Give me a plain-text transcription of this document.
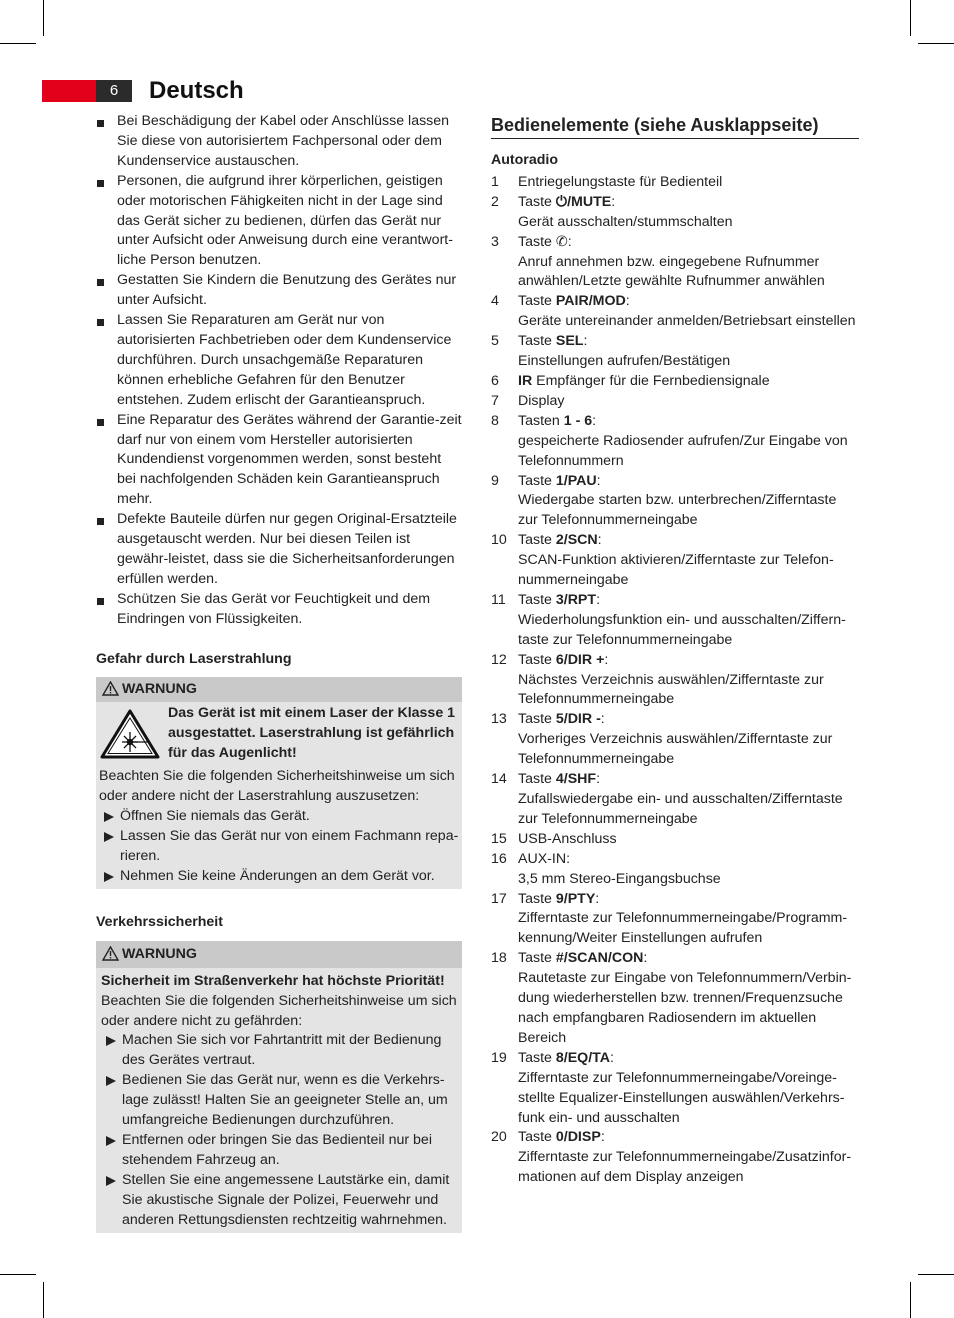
6	Deutsch
Bei Beschädigung der Kabel oder Anschlüsse lassen Sie diese von autorisiertem Fachpersonal oder dem Kundenservice austauschen.
Personen, die aufgrund ihrer körperlichen, geistigen oder motorischen Fähigkeiten nicht in der Lage sind das Gerät sicher zu bedienen, dürfen das Gerät nur unter Aufsicht oder Anweisung durch eine verantwort-liche Person benutzen.
Gestatten Sie Kindern die Benutzung des Gerätes nur unter Aufsicht.
Lassen Sie Reparaturen am Gerät nur von autorisierten Fachbetrieben oder dem Kundenservice durchführen. Durch unsachgemäße Reparaturen können erhebliche Gefahren für den Benutzer entstehen. Zudem erlischt der Garantieanspruch.
Eine Reparatur des Gerätes während der Garantie-zeit darf nur von einem vom Hersteller autorisierten Kundendienst vorgenommen werden, sonst besteht bei nachfolgenden Schäden kein Garantieanspruch mehr.
Defekte Bauteile dürfen nur gegen Original-Ersatzteile ausgetauscht werden. Nur bei diesen Teilen ist gewähr-leistet, dass sie die Sicherheitsanforderungen erfüllen werden.
Schützen Sie das Gerät vor Feuchtigkeit und dem Eindringen von Flüssigkeiten.
Gefahr durch Laserstrahlung
WARNUNG
Das Gerät ist mit einem Laser der Klasse 1 ausgestattet. Laserstrahlung ist gefährlich für das Augenlicht!
Beachten Sie die folgenden Sicherheitshinweise um sich oder andere nicht der Laserstrahlung auszusetzen:
Öffnen Sie niemals das Gerät.
Lassen Sie das Gerät nur von einem Fachmann repa-rieren.
Nehmen Sie keine Änderungen an dem Gerät vor.
Verkehrssicherheit
WARNUNG
Sicherheit im Straßenverkehr hat höchste Priorität!
Beachten Sie die folgenden Sicherheitshinweise um sich oder andere nicht zu gefährden:
Machen Sie sich vor Fahrtantritt mit der Bedienung des Gerätes vertraut.
Bedienen Sie das Gerät nur, wenn es die Verkehrs-lage zulässt! Halten Sie an geeigneter Stelle an, um umfangreiche Bedienungen durchzuführen.
Entfernen oder bringen Sie das Bedienteil nur bei stehendem Fahrzeug an.
Stellen Sie eine angemessene Lautstärke ein, damit Sie akustische Signale der Polizei, Feuerwehr und anderen Rettungsdiensten rechtzeitig wahrnehmen.
Bedienelemente (siehe Ausklappseite)
Autoradio
1 Entriegelungstaste für Bedienteil
2 Taste ⏻/MUTE:
Gerät ausschalten/stummschalten
3 Taste ✆:
Anruf annehmen bzw. eingegebene Rufnummer anwählen/Letzte gewählte Rufnummer anwählen
4 Taste PAIR/MOD:
Geräte untereinander anmelden/Betriebsart einstellen
5 Taste SEL:
Einstellungen aufrufen/Bestätigen
6 IR Empfänger für die Fernbediensignale
7 Display
8 Tasten 1 - 6:
gespeicherte Radiosender aufrufen/Zur Eingabe von Telefonnummern
9 Taste 1/PAU:
Wiedergabe starten bzw. unterbrechen/Zifferntaste zur Telefonnummerneingabe
10 Taste 2/SCN:
SCAN-Funktion aktivieren/Zifferntaste zur Telefon-nummerneingabe
11 Taste 3/RPT:
Wiederholungsfunktion ein- und ausschalten/Ziffern-taste zur Telefonnummerneingabe
12 Taste 6/DIR +:
Nächstes Verzeichnis auswählen/Zifferntaste zur Telefonnummerneingabe
13 Taste 5/DIR -:
Vorheriges Verzeichnis auswählen/Zifferntaste zur Telefonnummerneingabe
14 Taste 4/SHF:
Zufallswiedergabe ein- und ausschalten/Zifferntaste zur Telefonnummerneingabe
15 USB-Anschluss
16 AUX-IN:
3,5 mm Stereo-Eingangsbuchse
17 Taste 9/PTY:
Zifferntaste zur Telefonnummerneingabe/Programm-kennung/Weiter Einstellungen aufrufen
18 Taste #/SCAN/CON:
Rautetaste zur Eingabe von Telefonnummern/Verbin-dung wiederherstellen bzw. trennen/Frequenzsuche nach empfangbaren Radiosendern im aktuellen Bereich
19 Taste 8/EQ/TA:
Zifferntaste zur Telefonnummerneingabe/Voreinge-stellte Equalizer-Einstellungen auswählen/Verkehrs-funk ein- und ausschalten
20 Taste 0/DISP:
Zifferntaste zur Telefonnummerneingabe/Zusatzinfor-mationen auf dem Display anzeigen
